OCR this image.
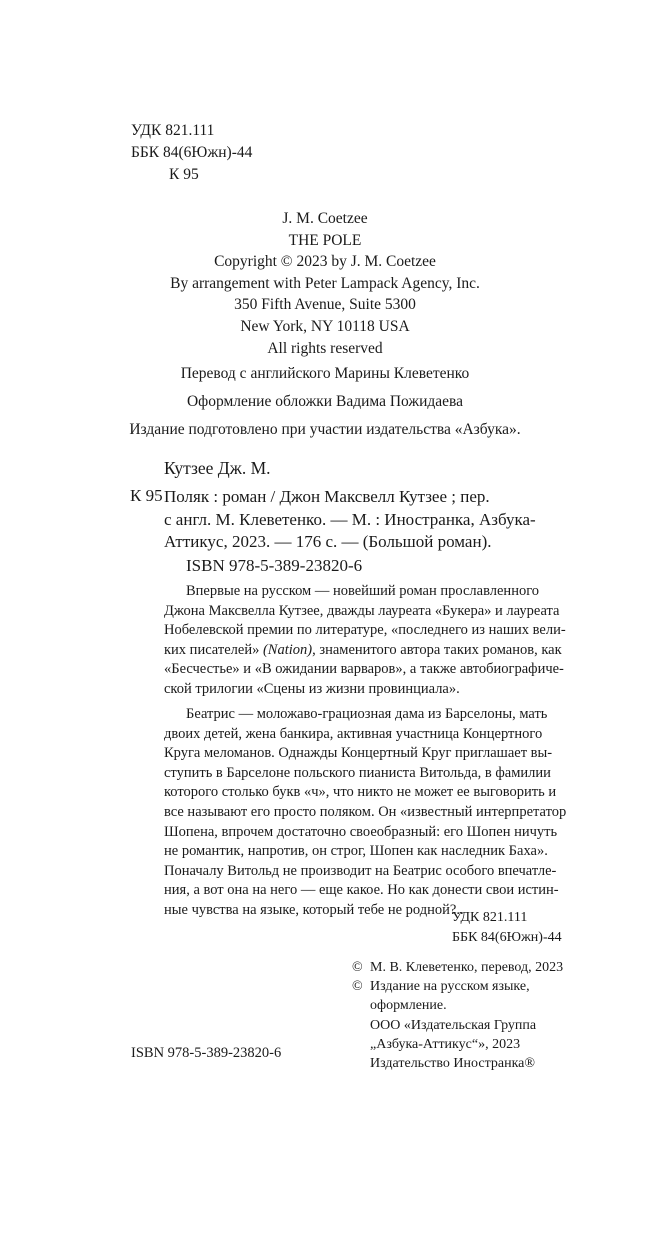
УДК 821.111
ББК 84(6Южн)-44
К 95
J. M. Coetzee
THE POLE
Copyright © 2023 by J. M. Coetzee
By arrangement with Peter Lampack Agency, Inc.
350 Fifth Avenue, Suite 5300
New York, NY 10118 USA
All rights reserved
Перевод с английского Марины Клеветенко
Оформление обложки Вадима Пожидаева
Издание подготовлено при участии издательства «Азбука».
Кутзее Дж. М.
К 95 Поляк : роман / Джон Максвелл Кутзее ; пер.
с англ. М. Клеветенко. — М. : Иностранка, Азбука-
Аттикус, 2023. — 176 с. — (Большой роман).
ISBN 978-5-389-23820-6
Впервые на русском — новейший роман прославленного
Джона Максвелла Кутзее, дважды лауреата «Букера» и лауреата
Нобелевской премии по литературе, «последнего из наших вели-
ких писателей» (Nation), знаменитого автора таких романов, как
«Бесчестье» и «В ожидании варваров», а также автобиографиче-
ской трилогии «Сцены из жизни провинциала».
Беатрис — моложаво-грациозная дама из Барселоны, мать
двоих детей, жена банкира, активная участница Концертного
Круга меломанов. Однажды Концертный Круг приглашает вы-
ступить в Барселоне польского пианиста Витольда, в фамилии
которого столько букв «ч», что никто не может ее выговорить и
все называют его просто поляком. Он «известный интерпретатор
Шопена, впрочем достаточно своеобразный: его Шопен ничуть
не романтик, напротив, он строг, Шопен как наследник Баха».
Поначалу Витольд не производит на Беатрис особого впечатле-
ния, а вот она на него — еще какое. Но как донести свои истин-
ные чувства на языке, который тебе не родной?..
УДК 821.111
ББК 84(6Южн)-44
© М. В. Клеветенко, перевод, 2023
© Издание на русском языке,
оформление.
ООО «Издательская Группа
„Азбука-Аттикус“», 2023
Издательство Иностранка®
ISBN 978-5-389-23820-6
